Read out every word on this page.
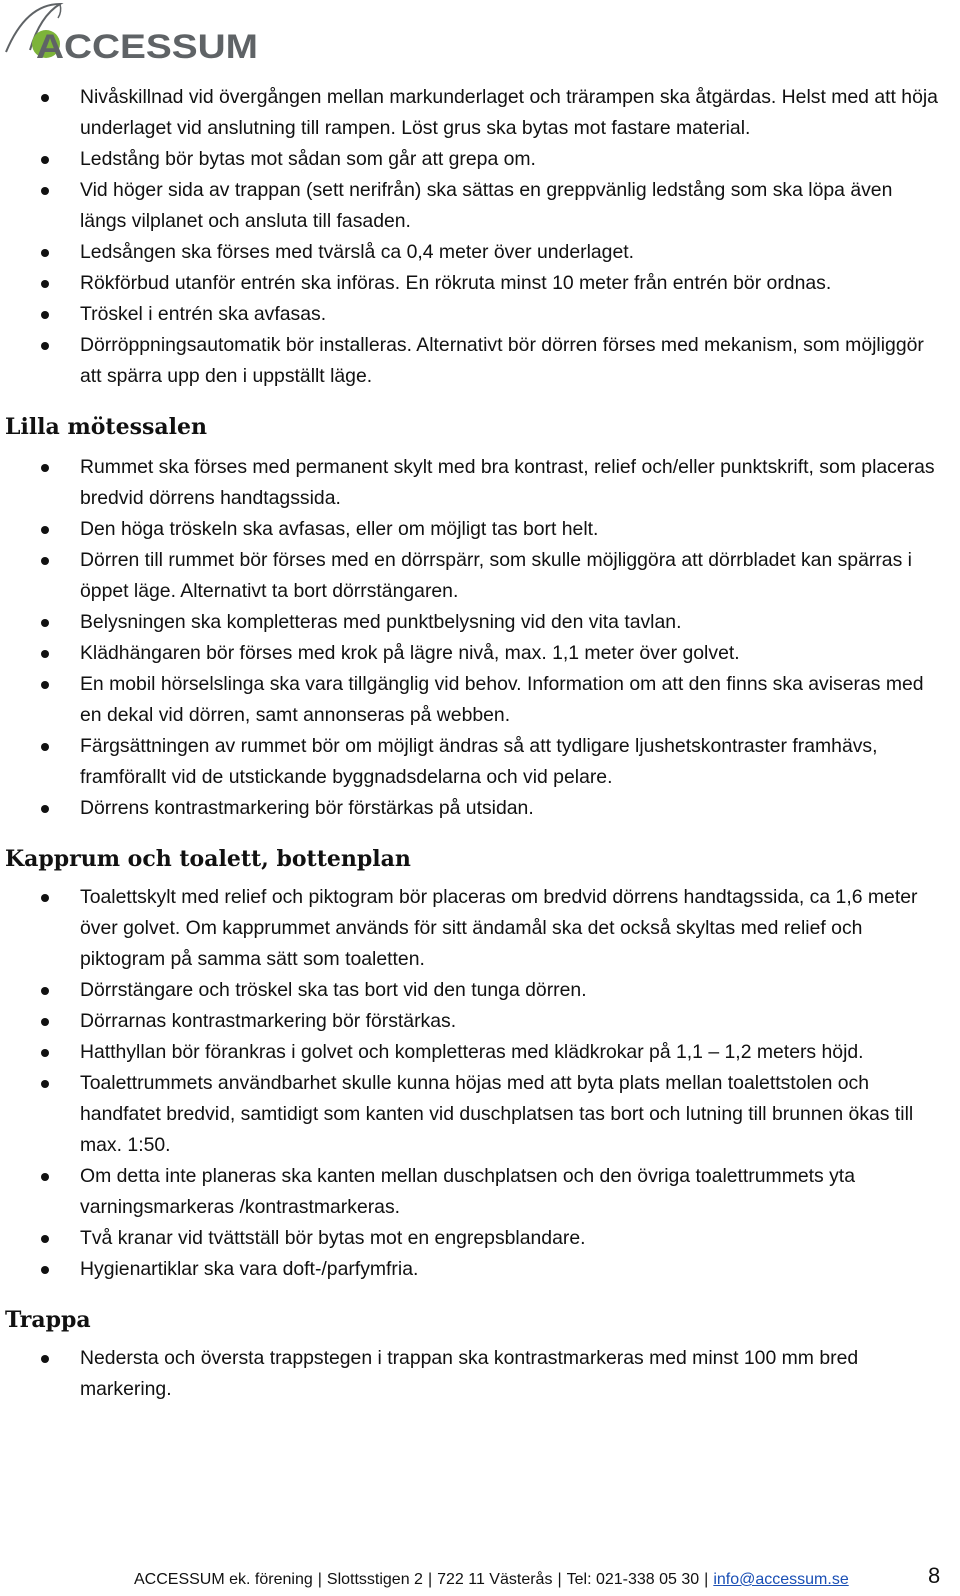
ACCESSUM
Nivåskillnad vid övergången mellan markunderlaget och trärampen ska åtgärdas. Helst med att höja underlaget vid anslutning till rampen. Löst grus ska bytas mot fastare material.
Ledstång bör bytas mot sådan som går att grepa om.
Vid höger sida av trappan (sett nerifrån) ska sättas en greppvänlig ledstång som ska löpa även längs vilplanet och ansluta till fasaden.
Ledsången ska förses med tvärslå ca 0,4 meter över underlaget.
Rökförbud utanför entrén ska införas. En rökruta minst 10 meter från entrén bör ordnas.
Tröskel i entrén ska avfasas.
Dörröppningsautomatik bör installeras. Alternativt bör dörren förses med mekanism, som möjliggör att spärra upp den i uppställt läge.
Lilla mötessalen
Rummet ska förses med permanent skylt med bra kontrast, relief och/eller punktskrift, som placeras bredvid dörrens handtagssida.
Den höga tröskeln ska avfasas, eller om möjligt tas bort helt.
Dörren till rummet bör förses med en dörrspärr, som skulle möjliggöra att dörrbladet kan spärras i öppet läge. Alternativt ta bort dörrstängaren.
Belysningen ska kompletteras med punktbelysning vid den vita tavlan.
Klädhängaren bör förses med krok på lägre nivå, max. 1,1 meter över golvet.
En mobil hörselslinga ska vara tillgänglig vid behov. Information om att den finns ska aviseras med en dekal vid dörren, samt annonseras på webben.
Färgsättningen av rummet bör om möjligt ändras så att tydligare ljushetskontraster framhävs, framförallt vid de utstickande byggnadsdelarna och vid pelare.
Dörrens kontrastmarkering bör förstärkas på utsidan.
Kapprum och toalett, bottenplan
Toalettskylt med relief och piktogram bör placeras om bredvid dörrens handtagssida, ca 1,6 meter över golvet. Om kapprummet används för sitt ändamål ska det också skyltas med relief och piktogram på samma sätt som toaletten.
Dörrstängare och tröskel ska tas bort vid den tunga dörren.
Dörrarnas kontrastmarkering bör förstärkas.
Hatthyllan bör förankras i golvet och kompletteras med klädkrokar på 1,1 – 1,2 meters höjd.
Toalettrummets användbarhet skulle kunna höjas med att byta plats mellan toalettstolen och handfatet bredvid, samtidigt som kanten vid duschplatsen tas bort och lutning till brunnen ökas till max. 1:50.
Om detta inte planeras ska kanten mellan duschplatsen och den övriga toalettrummets yta varningsmarkeras /kontrastmarkeras.
Två kranar vid tvättställ bör bytas mot en engrepsblandare.
Hygienartiklar ska vara doft-/parfymfria.
Trappa
Nedersta och översta trappstegen i trappan ska kontrastmarkeras med minst 100 mm bred markering.
ACCESSUM ek. förening | Slottsstigen 2 | 722 11 Västerås | Tel: 021-338 05 30 | info@accessum.se	8
